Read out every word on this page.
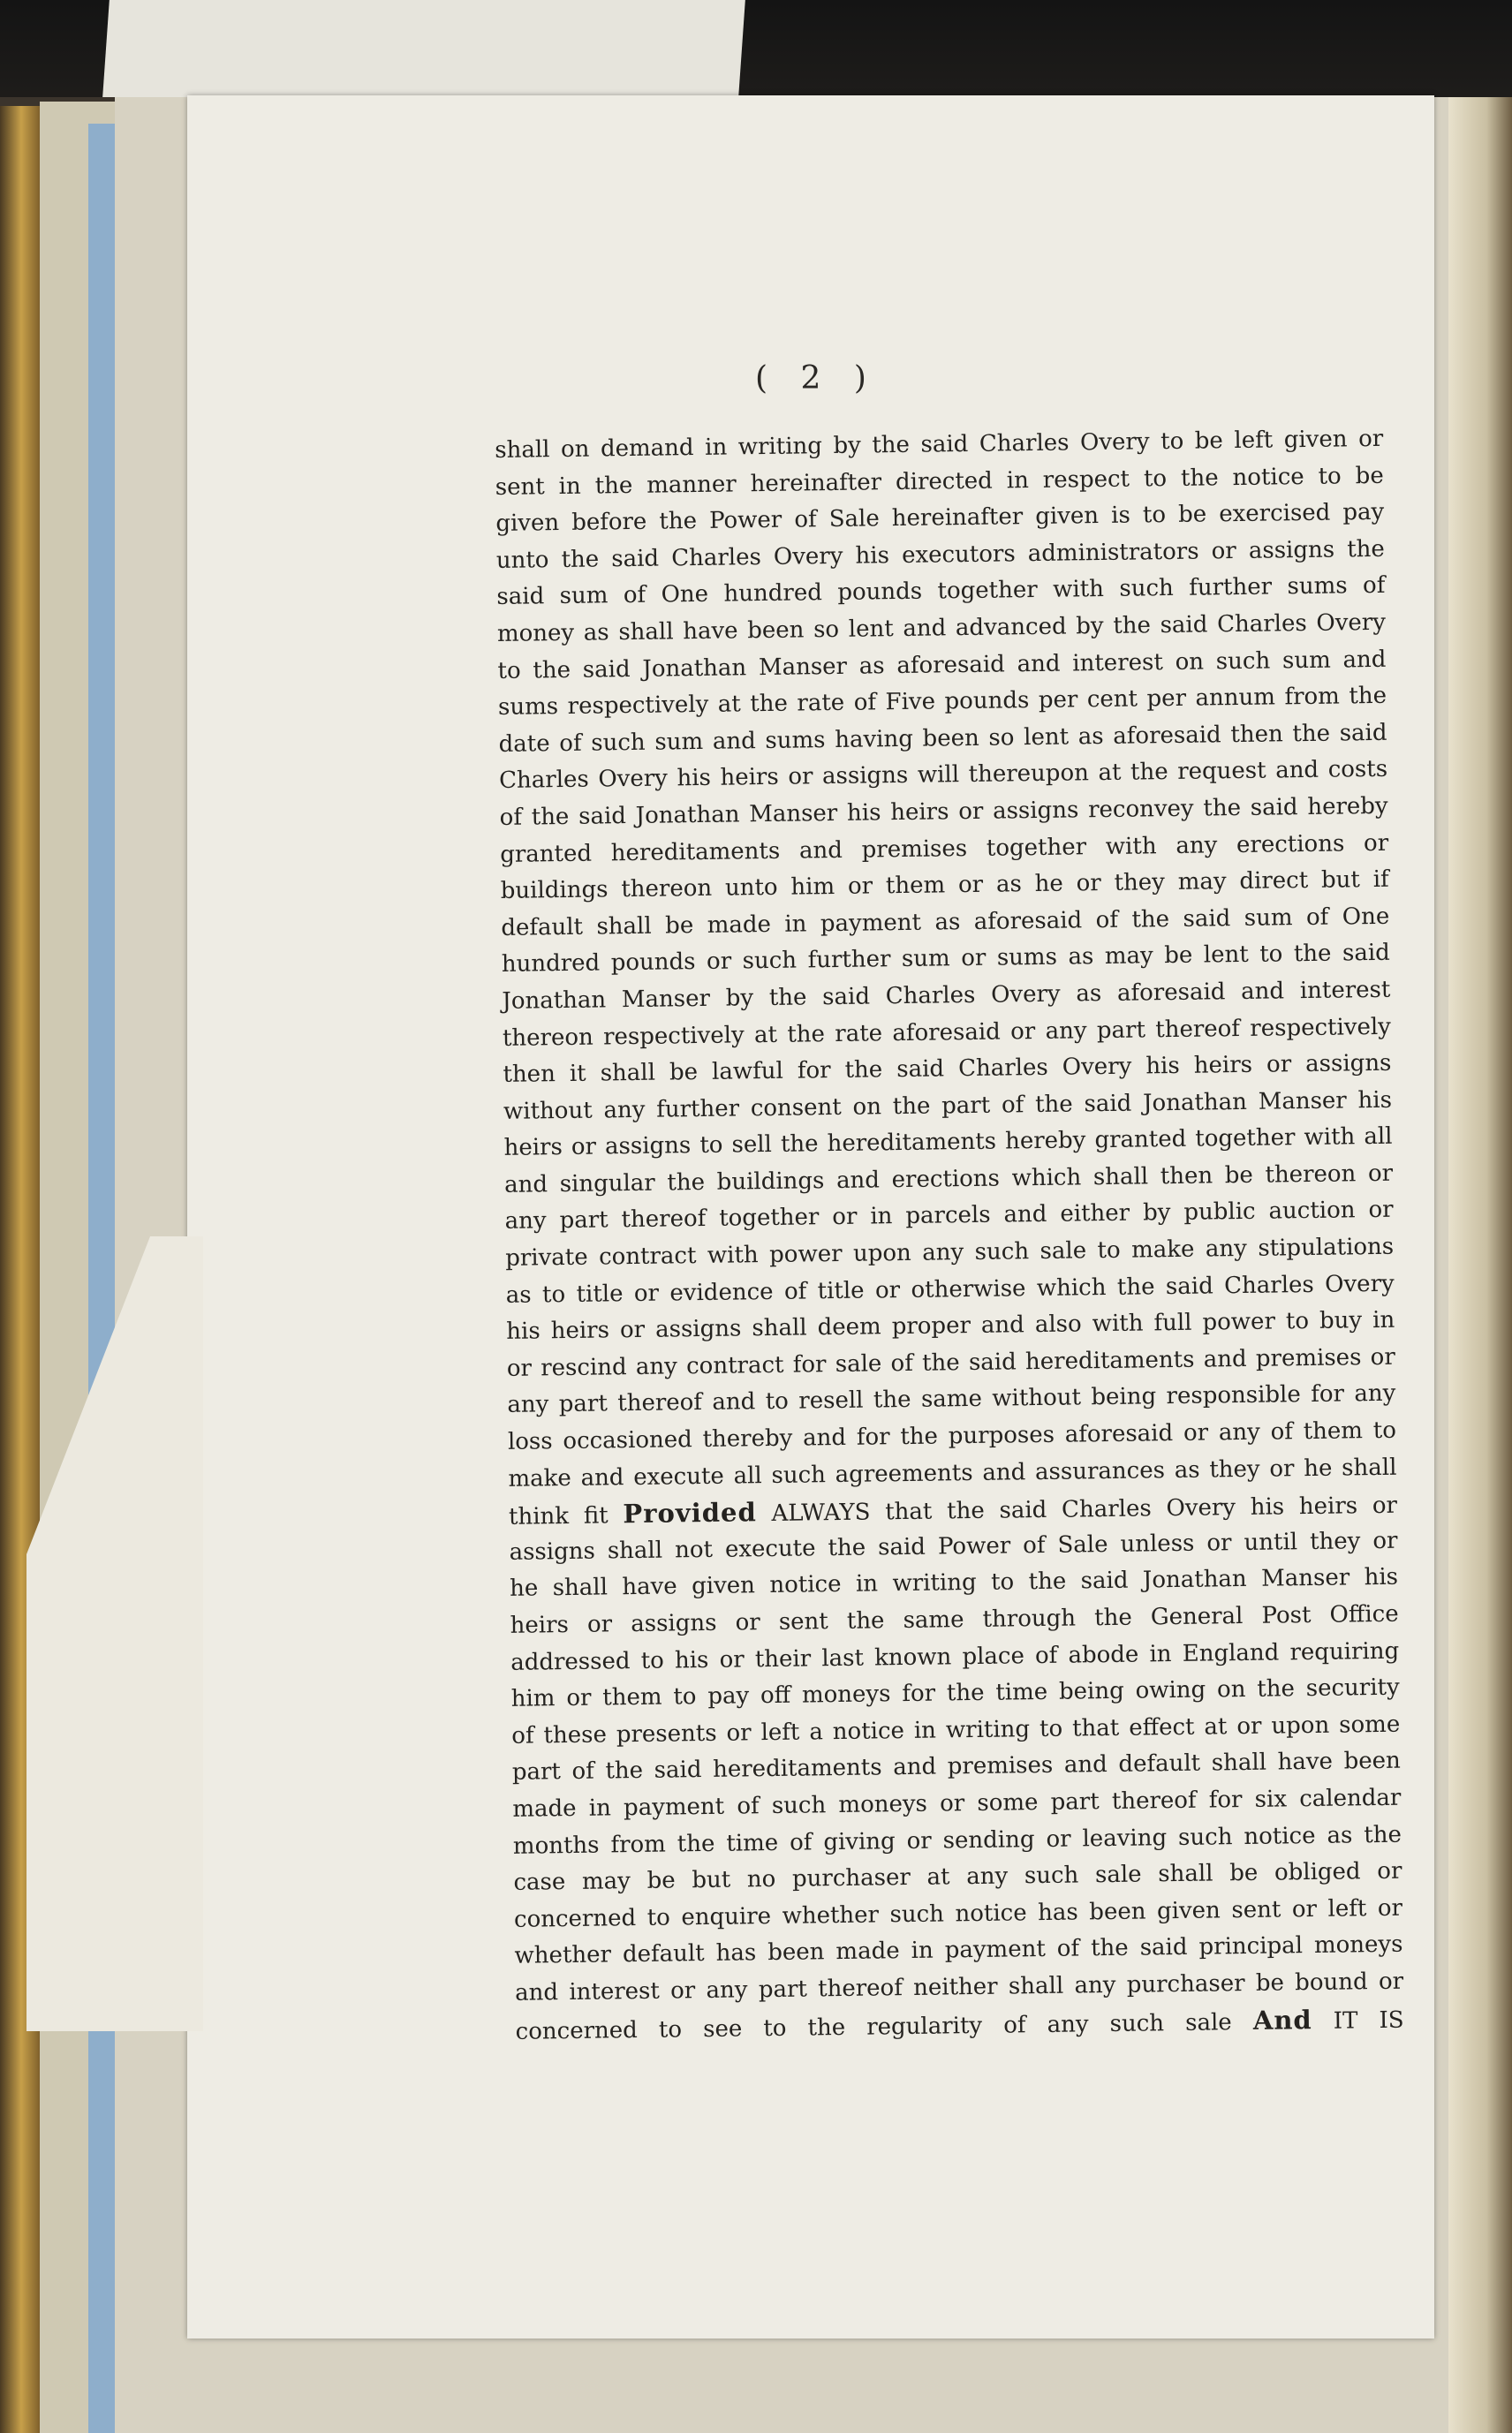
( 2 )
shall on demand in writing by the said Charles Overy to be left given or
sent in the manner hereinafter directed in respect to the notice to be
given before the Power of Sale hereinafter given is to be exercised pay
unto the said Charles Overy his executors administrators or assigns the
said sum of One hundred pounds together with such further sums of
money as shall have been so lent and advanced by the said Charles Overy
to the said Jonathan Manser as aforesaid and interest on such sum and
sums respectively at the rate of Five pounds per cent per annum from the
date of such sum and sums having been so lent as aforesaid then the said
Charles Overy his heirs or assigns will thereupon at the request and costs
of the said Jonathan Manser his heirs or assigns reconvey the said hereby
granted hereditaments and premises together with any erections or
buildings thereon unto him or them or as he or they may direct but if
default shall be made in payment as aforesaid of the said sum of One
hundred pounds or such further sum or sums as may be lent to the said
Jonathan Manser by the said Charles Overy as aforesaid and interest
thereon respectively at the rate aforesaid or any part thereof respectively
then it shall be lawful for the said Charles Overy his heirs or assigns
without any further consent on the part of the said Jonathan Manser his
heirs or assigns to sell the hereditaments hereby granted together with all
and singular the buildings and erections which shall then be thereon or
any part thereof together or in parcels and either by public auction or
private contract with power upon any such sale to make any stipulations
as to title or evidence of title or otherwise which the said Charles Overy
his heirs or assigns shall deem proper and also with full power to buy in
or rescind any contract for sale of the said hereditaments and premises or
any part thereof and to resell the same without being responsible for any
loss occasioned thereby and for the purposes aforesaid or any of them to
make and execute all such agreements and assurances as they or he shall
think fit Provided ALWAYS that the said Charles Overy his heirs or
assigns shall not execute the said Power of Sale unless or until they or
he shall have given notice in writing to the said Jonathan Manser his
heirs or assigns or sent the same through the General Post Office
addressed to his or their last known place of abode in England requiring
him or them to pay off moneys for the time being owing on the security
of these presents or left a notice in writing to that effect at or upon some
part of the said hereditaments and premises and default shall have been
made in payment of such moneys or some part thereof for six calendar
months from the time of giving or sending or leaving such notice as the
case may be but no purchaser at any such sale shall be obliged or
concerned to enquire whether such notice has been given sent or left or
whether default has been made in payment of the said principal moneys
and interest or any part thereof neither shall any purchaser be bound or
concerned to see to the regularity of any such sale And IT IS
